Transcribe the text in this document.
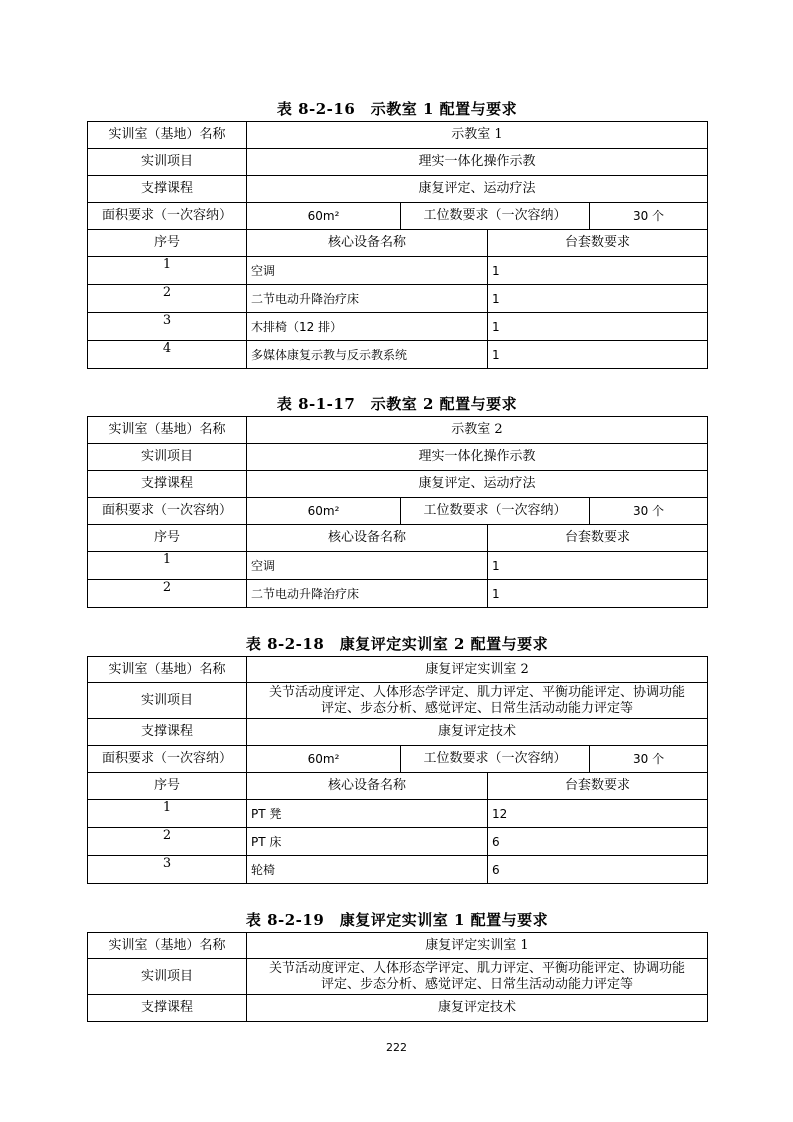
表 8-2-16　示教室 1 配置与要求
实训室（基地）名称	示教室 1			
实训项目	理实一体化操作示教			
支撑课程	康复评定、运动疗法			
面积要求（一次容纳）	60m²	工位数要求（一次容纳）		30 个
序号	核心设备名称		台套数要求	
1	空调		1	
2	二节电动升降治疗床		1	
3	木排椅（12 排）		1	
4	多媒体康复示教与反示教系统		1	
表 8-1-17　示教室 2 配置与要求
实训室（基地）名称	示教室 2			
实训项目	理实一体化操作示教			
支撑课程	康复评定、运动疗法			
面积要求（一次容纳）	60m²	工位数要求（一次容纳）		30 个
序号	核心设备名称		台套数要求	
1	空调		1	
2	二节电动升降治疗床		1	
表 8-2-18　康复评定实训室 2 配置与要求
实训室（基地）名称	康复评定实训室 2			
实训项目	关节活动度评定、人体形态学评定、肌力评定、平衡功能评定、协调功能
评定、步态分析、感觉评定、日常生活动动能力评定等			

支撑课程	康复评定技术			
面积要求（一次容纳）	60m²	工位数要求（一次容纳）		30 个
序号	核心设备名称		台套数要求	
1	PT 凳		12	
2	PT 床		6	
3	轮椅		6	
表 8-2-19　康复评定实训室 1 配置与要求
实训室（基地）名称	康复评定实训室 1
实训项目	关节活动度评定、人体形态学评定、肌力评定、平衡功能评定、协调功能
评定、步态分析、感觉评定、日常生活动动能力评定等

支撑课程	康复评定技术
222
